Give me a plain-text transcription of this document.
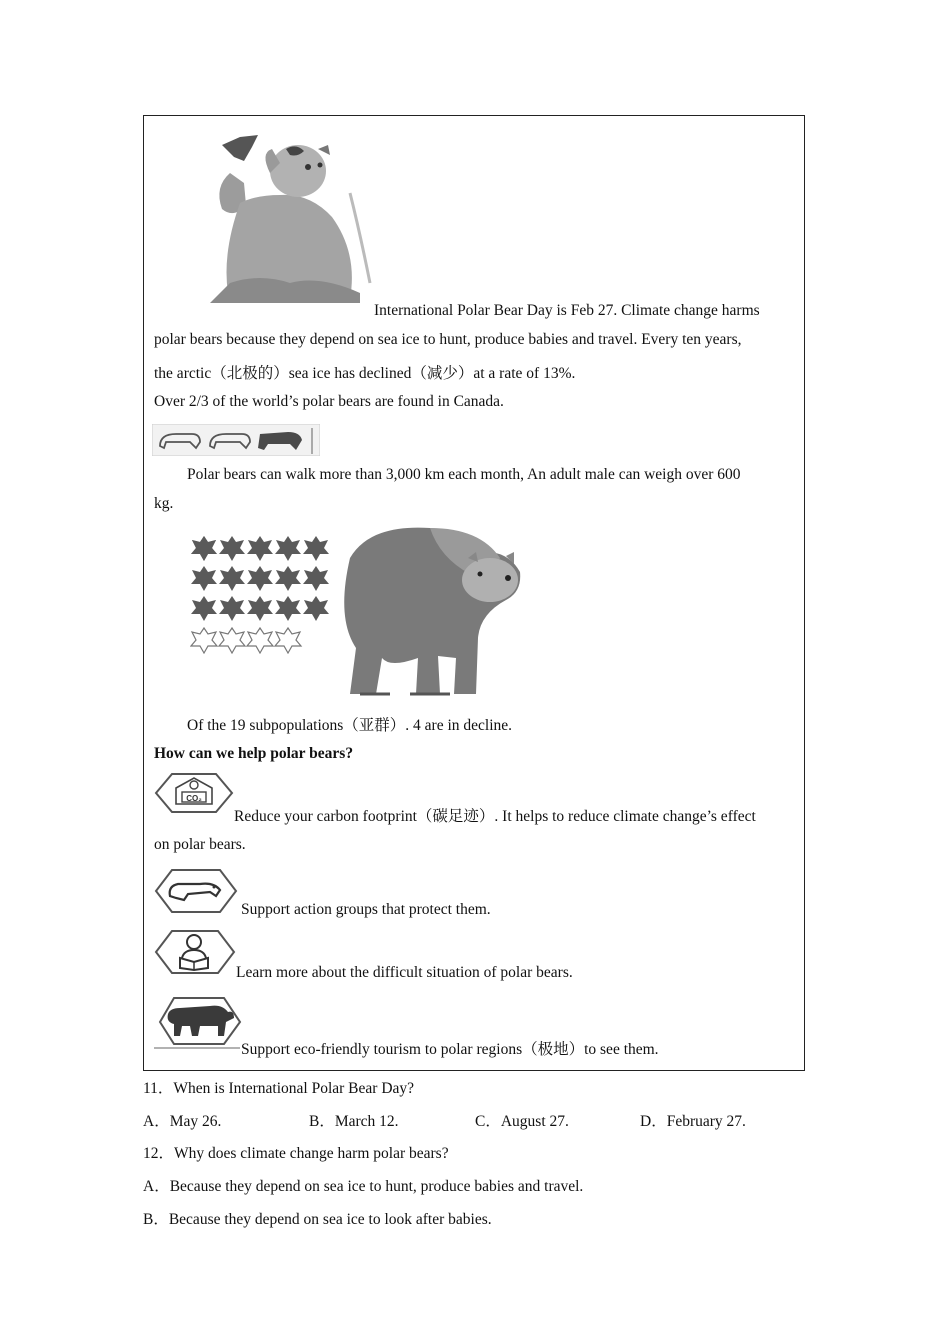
International Polar Bear Day is Feb 27. Climate change harms
polar bears because they depend on sea ice to hunt, produce babies and travel. Every ten years,
the arctic（北极的）sea ice has declined（减少）at a rate of 13%.
Over 2/3 of the world’s polar bears are found in Canada.
Polar bears can walk more than 3,000 km each month, An adult male can weigh over 600
kg.
Of the 19 subpopulations（亚群）. 4 are in decline.
How can we help polar bears?
CO₂
Reduce your carbon footprint（碳足迹）. It helps to reduce climate change’s effect
on polar bears.
Support action groups that protect them.
Learn more about the difficult situation of polar bears.
Support eco-friendly tourism to polar regions（极地）to see them.
11．When is International Polar Bear Day?
A．May 26.	B．March 12.	C．August 27.	D．February 27.
12．Why does climate change harm polar bears?
A．Because they depend on sea ice to hunt, produce babies and travel.
B．Because they depend on sea ice to look after babies.
